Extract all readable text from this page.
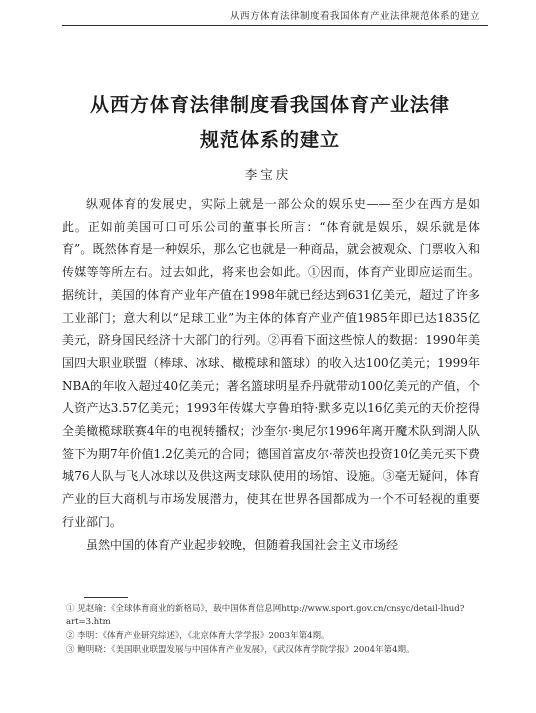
从西方体育法律制度看我国体育产业法律规范体系的建立
从西方体育法律制度看我国体育产业法律
规范体系的建立
李宝庆

纵观体育的发展史，实际上就是一部公众的娱乐史——至少在西方是如此。正如前美国可口可乐公司的董事长所言：“体育就是娱乐，娱乐就是体育”。既然体育是一种娱乐，那么它也就是一种商品，就会被观众、门票收入和传媒等等所左右。过去如此，将来也会如此。①因而，体育产业即应运而生。据统计，美国的体育产业年产值在1998年就已经达到631亿美元，超过了许多工业部门；意大利以“足球工业”为主体的体育产业产值1985年即已达1835亿美元，跻身国民经济十大部门的行列。②再看下面这些惊人的数据：1990年美国四大职业联盟（棒球、冰球、橄榄球和篮球）的收入达100亿美元；1999年NBA的年收入超过40亿美元；著名篮球明星乔丹就带动100亿美元的产值，个人资产达3.57亿美元；1993年传媒大亨鲁珀特·默多克以16亿美元的天价挖得全美橄榄球联赛4年的电视转播权；沙奎尔·奥尼尔1996年离开魔术队到湖人队签下为期7年价值1.2亿美元的合同；德国首富皮尔·蒂茨也投资10亿美元买下费城76人队与飞人冰球以及供这两支球队使用的场馆、设施。③毫无疑问，体育产业的巨大商机与市场发展潜力，使其在世界各国都成为一个不可轻视的重要行业部门。

虽然中国的体育产业起步较晚，但随着我国社会主义市场经

① 见赵瑜：《全球体育商业的新格局》，载中国体育信息网http://www.sport.gov.cn/cnsyc/detail-lhud?art=3.htm
② 李明：《体育产业研究综述》，《北京体育大学学报》2003年第4期。
③ 鲍明晓：《美国职业联盟发展与中国体育产业发展》，《武汉体育学院学报》2004年第4期。
